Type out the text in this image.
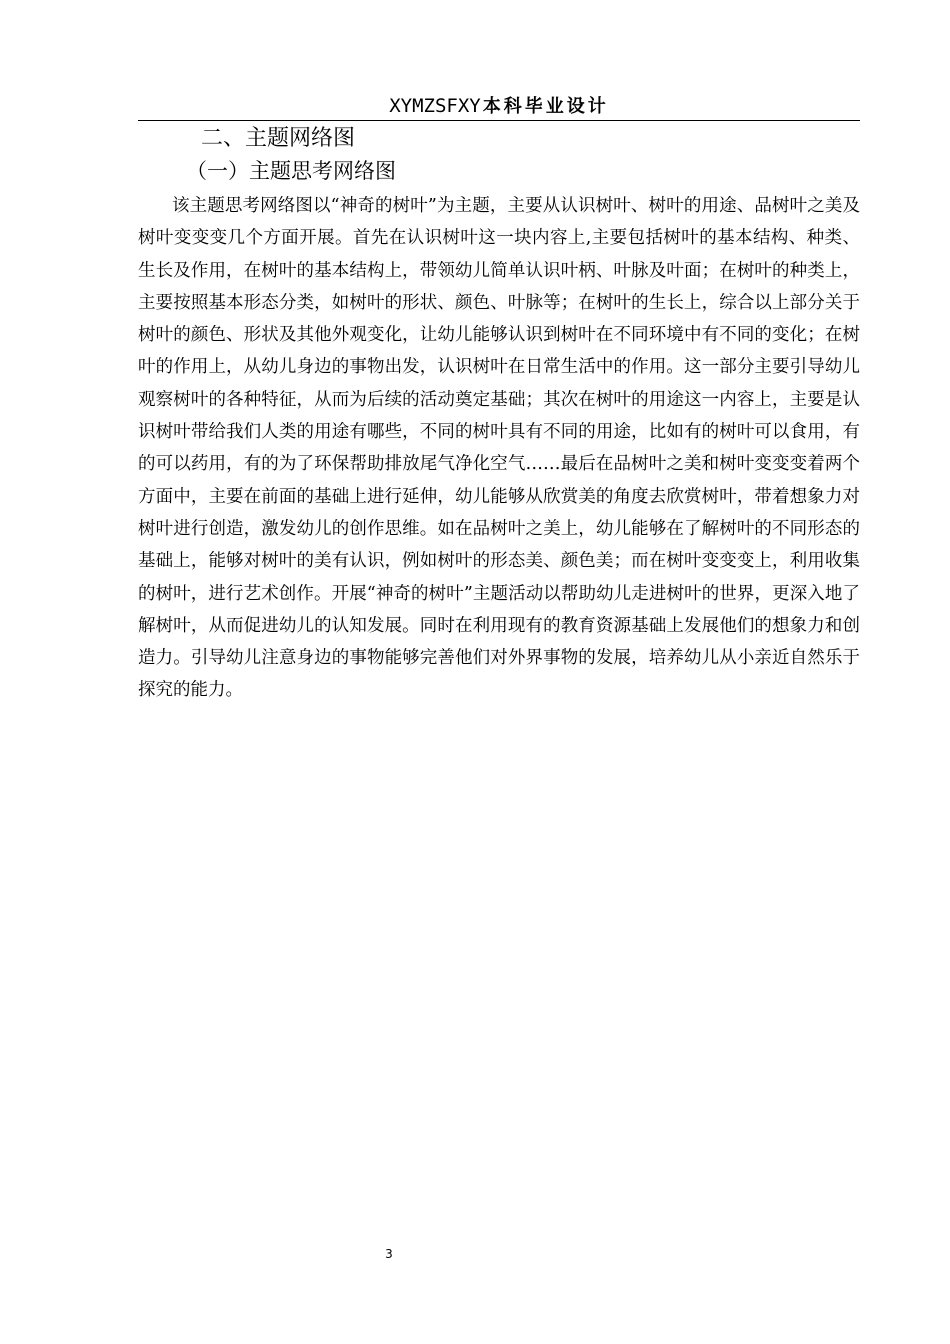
XYMZSFXY 本科毕业设计
二、主题网络图
（一）主题思考网络图

该主题思考网络图以“神奇的树叶”为主题，主要从认识树叶、树叶的用途、品树叶之美及树叶变变变几个方面开展。首先在认识树叶这一块内容上,主要包括树叶的基本结构、种类、生长及作用，在树叶的基本结构上，带领幼儿简单认识叶柄、叶脉及叶面；在树叶的种类上，主要按照基本形态分类，如树叶的形状、颜色、叶脉等；在树叶的生长上，综合以上部分关于树叶的颜色、形状及其他外观变化，让幼儿能够认识到树叶在不同环境中有不同的变化；在树叶的作用上，从幼儿身边的事物出发，认识树叶在日常生活中的作用。这一部分主要引导幼儿观察树叶的各种特征，从而为后续的活动奠定基础；其次在树叶的用途这一内容上，主要是认识树叶带给我们人类的用途有哪些，不同的树叶具有不同的用途，比如有的树叶可以食用，有的可以药用，有的为了环保帮助排放尾气净化空气……最后在品树叶之美和树叶变变变着两个方面中，主要在前面的基础上进行延伸，幼儿能够从欣赏美的角度去欣赏树叶，带着想象力对树叶进行创造，激发幼儿的创作思维。如在品树叶之美上，幼儿能够在了解树叶的不同形态的基础上，能够对树叶的美有认识，例如树叶的形态美、颜色美；而在树叶变变变上，利用收集的树叶，进行艺术创作。开展“神奇的树叶”主题活动以帮助幼儿走进树叶的世界，更深入地了解树叶，从而促进幼儿的认知发展。同时在利用现有的教育资源基础上发展他们的想象力和创造力。引导幼儿注意身边的事物能够完善他们对外界事物的发展，培养幼儿从小亲近自然乐于探究的能力。

3
